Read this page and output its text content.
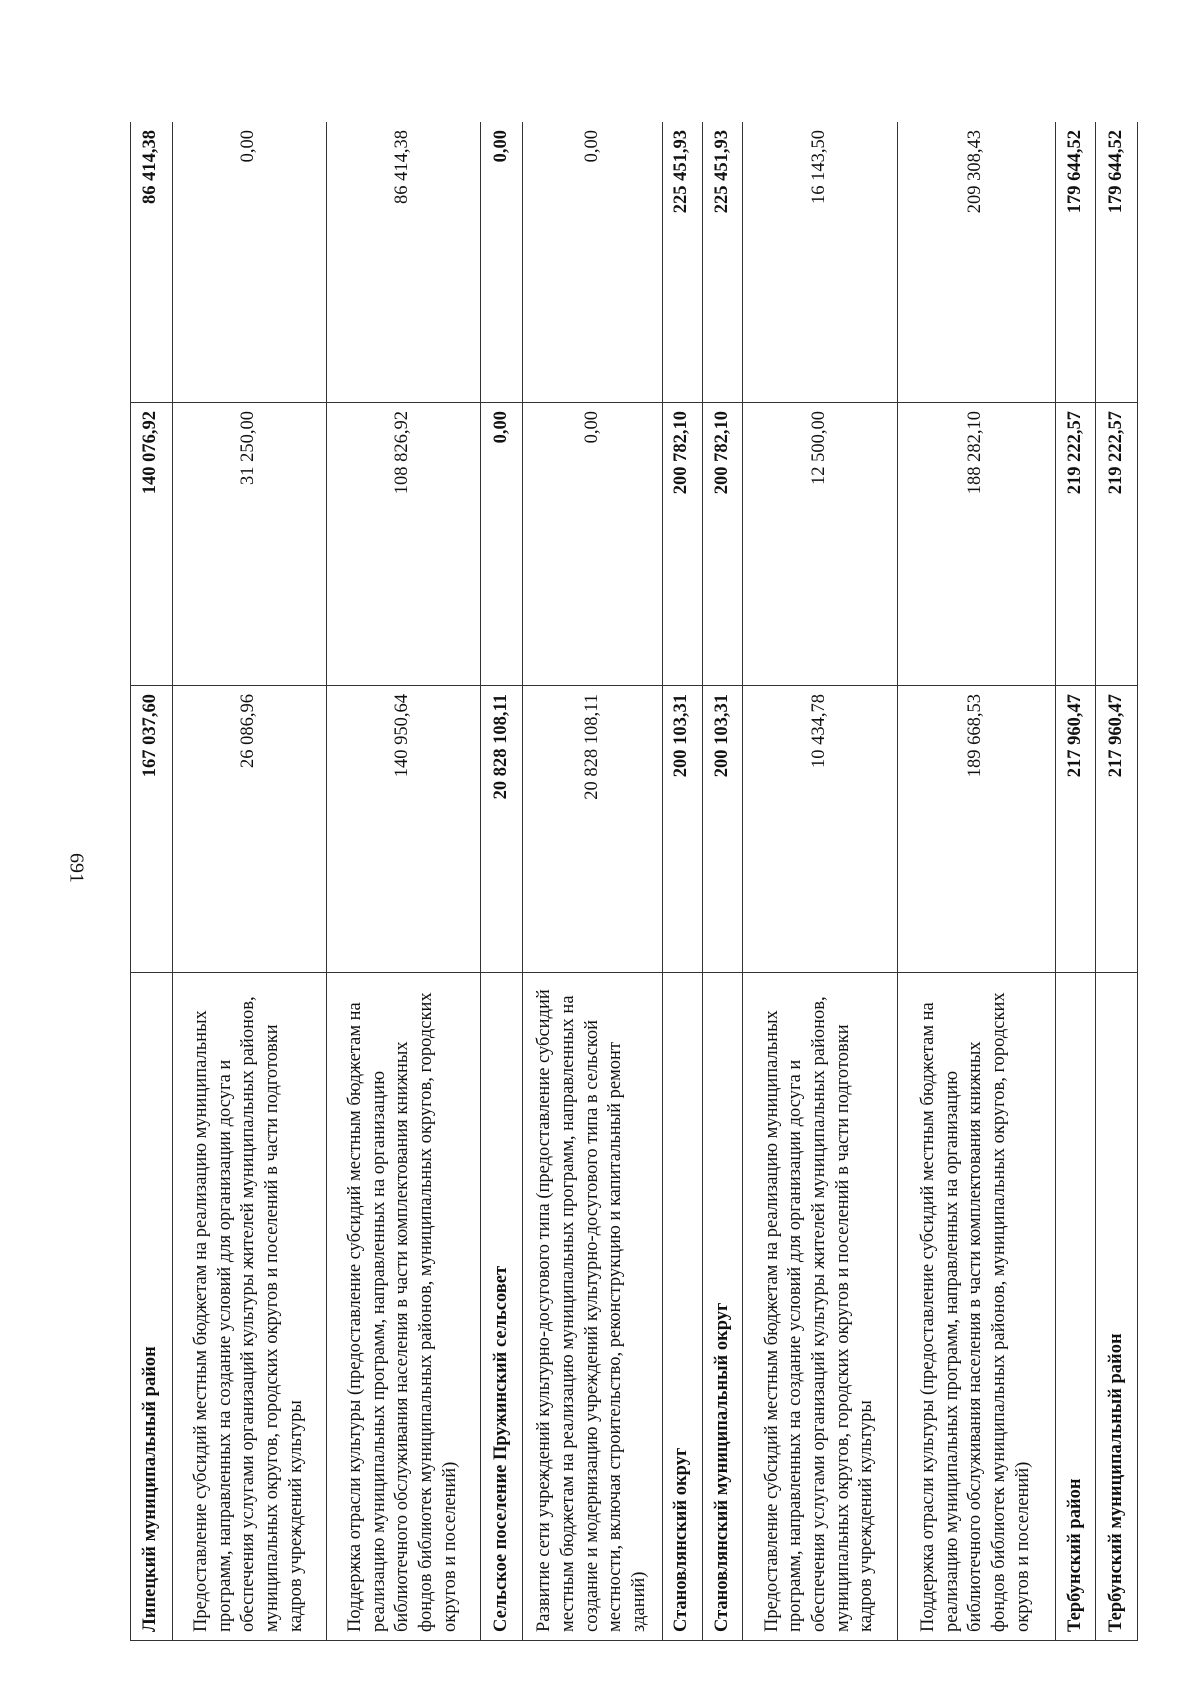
691
Липецкий муниципальный район	167 037,60	140 076,92	86 414,38
Предоставление субсидий местным бюджетам на реализацию муниципальных программ, направленных на создание условий для организации досуга и обеспечения услугами организаций культуры жителей муниципальных районов, муниципальных округов, городских округов и поселений в части подготовки кадров учреждений культуры	26 086,96	31 250,00	0,00
Поддержка отрасли культуры (предоставление субсидий местным бюджетам на реализацию муниципальных программ, направленных на организацию библиотечного обслуживания населения в части комплектования книжных фондов библиотек муниципальных районов, муниципальных округов, городских округов и поселений)	140 950,64	108 826,92	86 414,38
Сельское поселение Пружинский сельсовет	20 828 108,11	0,00	0,00
Развитие сети учреждений культурно-досугового типа (предоставление субсидий местным бюджетам на реализацию муниципальных программ, направленных на создание и модернизацию учреждений культурно-досугового типа в сельской местности, включая строительство, реконструкцию и капитальный ремонт зданий)	20 828 108,11	0,00	0,00
Становлянский округ	200 103,31	200 782,10	225 451,93
Становлянский муниципальный округ	200 103,31	200 782,10	225 451,93
Предоставление субсидий местным бюджетам на реализацию муниципальных программ, направленных на создание условий для организации досуга и обеспечения услугами организаций культуры жителей муниципальных районов, муниципальных округов, городских округов и поселений в части подготовки кадров учреждений культуры	10 434,78	12 500,00	16 143,50
Поддержка отрасли культуры (предоставление субсидий местным бюджетам на реализацию муниципальных программ, направленных на организацию библиотечного обслуживания населения в части комплектования книжных фондов библиотек муниципальных районов, муниципальных округов, городских округов и поселений)	189 668,53	188 282,10	209 308,43
Тербунский район	217 960,47	219 222,57	179 644,52
Тербунский муниципальный район	217 960,47	219 222,57	179 644,52
